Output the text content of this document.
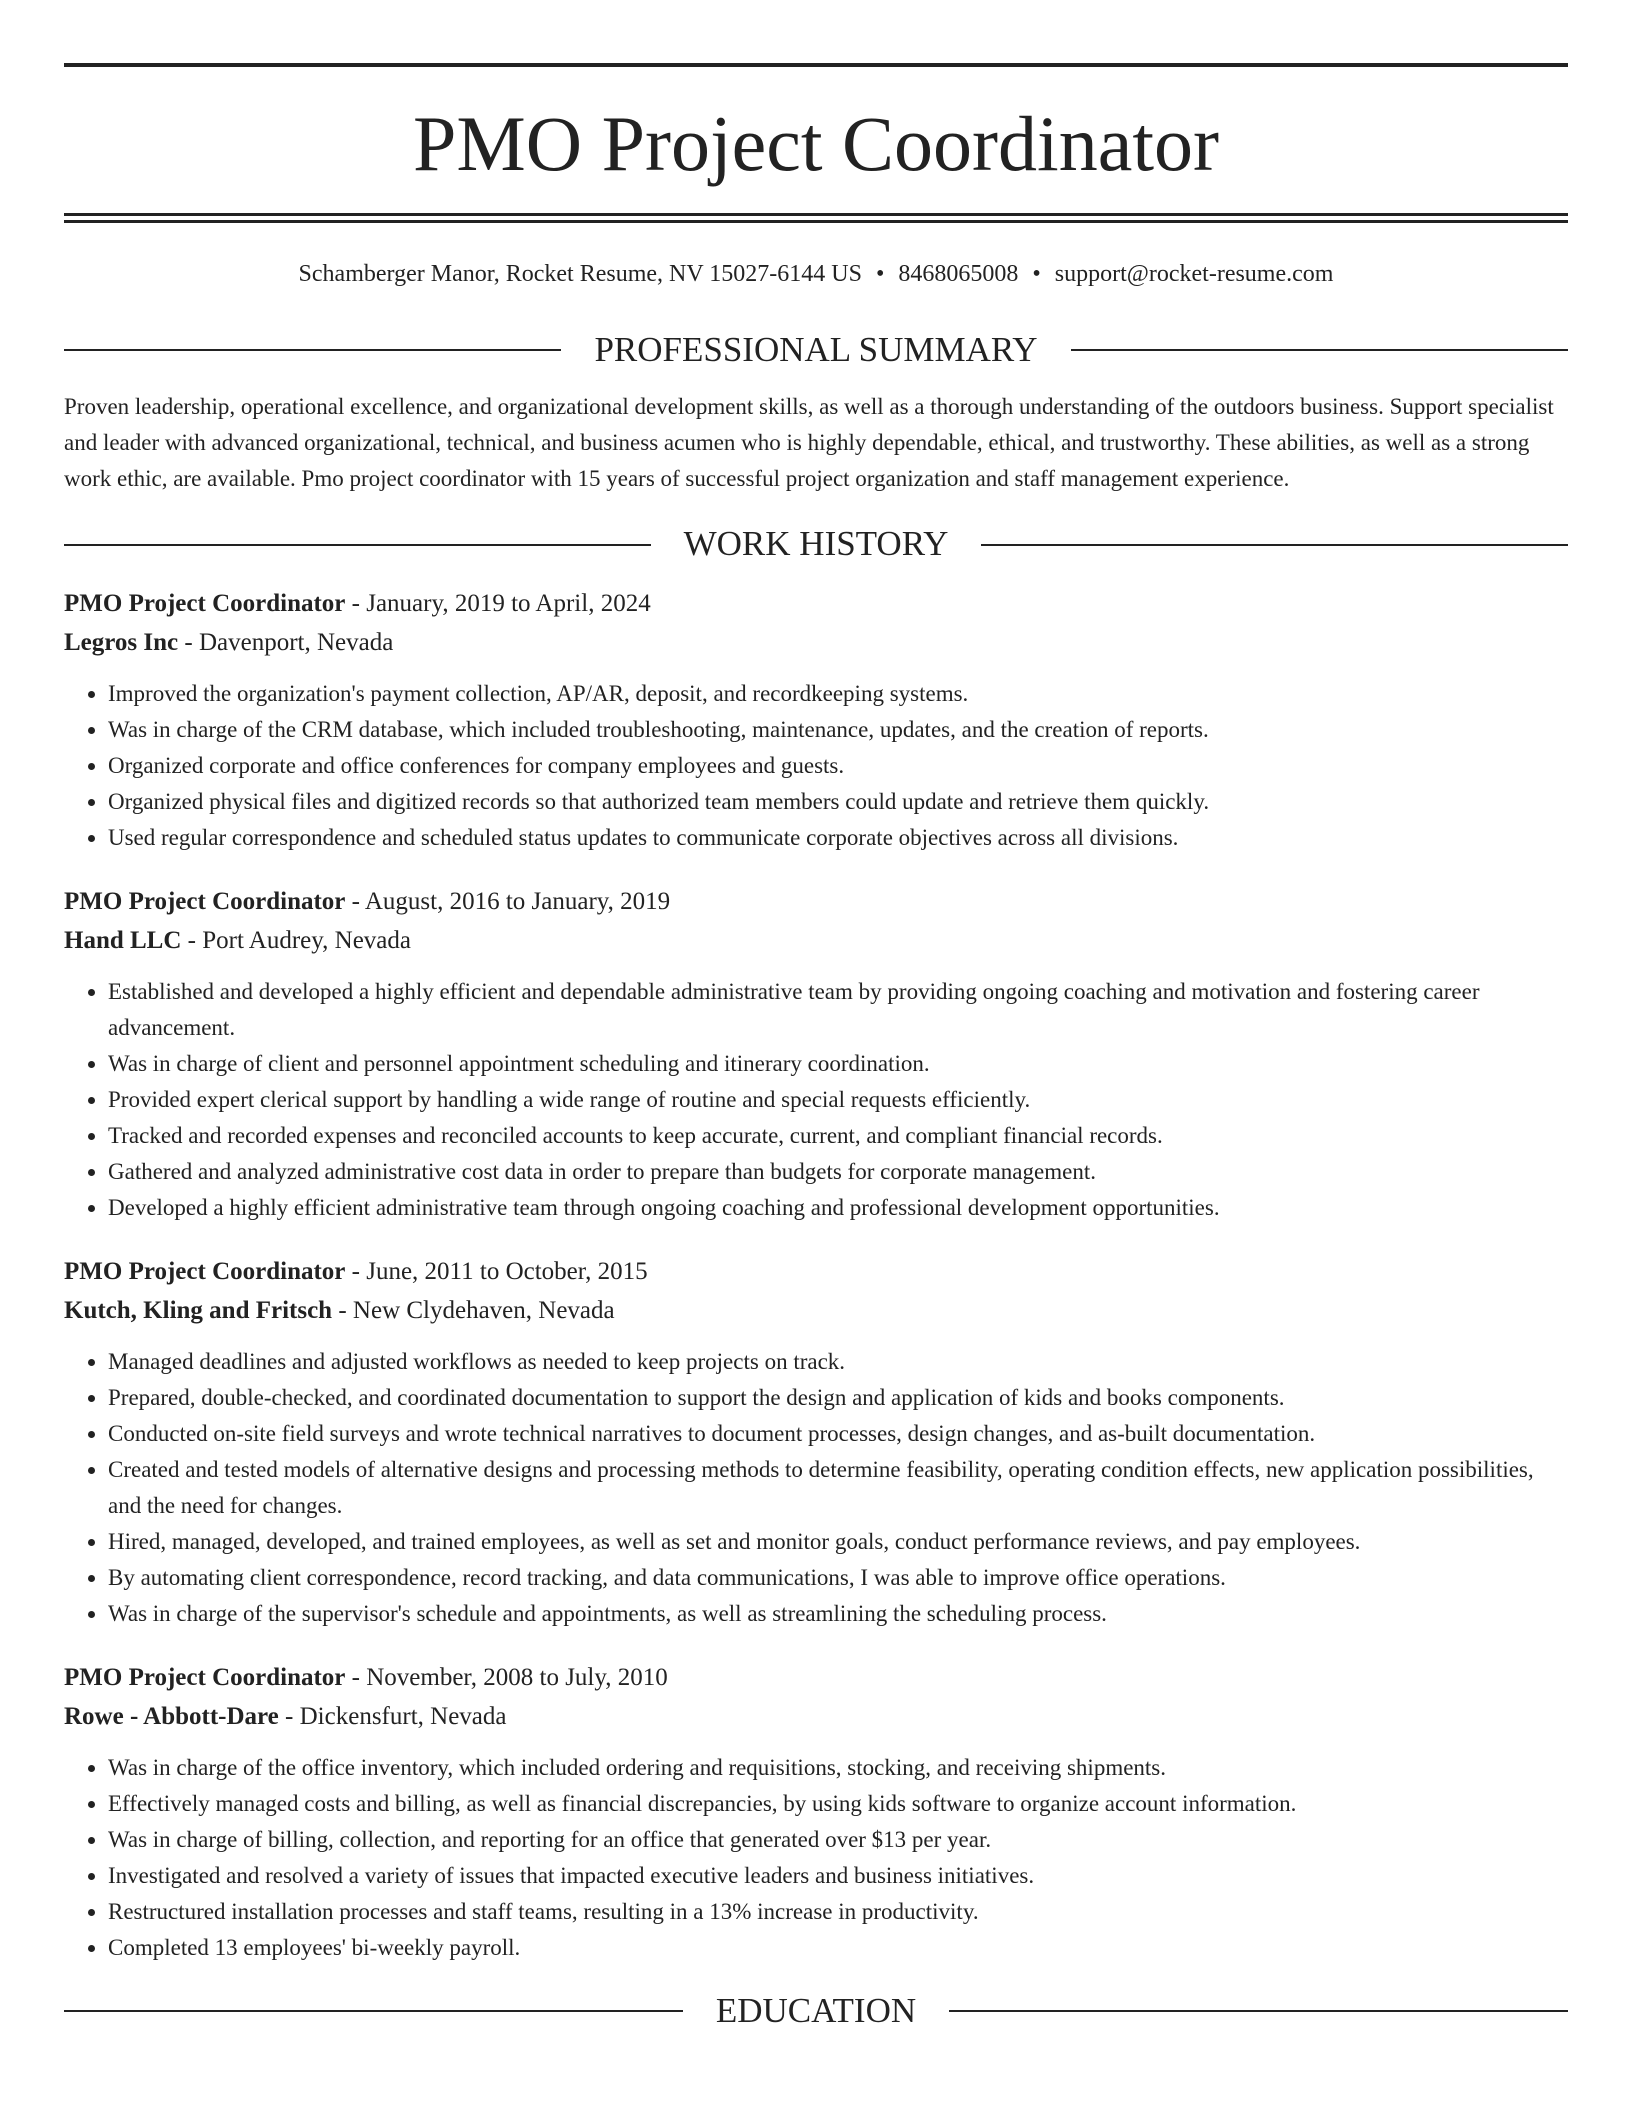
PMO Project Coordinator
Schamberger Manor, Rocket Resume, NV 15027-6144 US • 8468065008 • support@rocket-resume.com
PROFESSIONAL SUMMARY
Proven leadership, operational excellence, and organizational development skills, as well as a thorough understanding of the outdoors business. Support specialist and leader with advanced organizational, technical, and business acumen who is highly dependable, ethical, and trustworthy. These abilities, as well as a strong work ethic, are available. Pmo project coordinator with 15 years of successful project organization and staff management experience.
WORK HISTORY
PMO Project Coordinator - January, 2019 to April, 2024
Legros Inc - Davenport, Nevada
• Improved the organization's payment collection, AP/AR, deposit, and recordkeeping systems.
• Was in charge of the CRM database, which included troubleshooting, maintenance, updates, and the creation of reports.
• Organized corporate and office conferences for company employees and guests.
• Organized physical files and digitized records so that authorized team members could update and retrieve them quickly.
• Used regular correspondence and scheduled status updates to communicate corporate objectives across all divisions.
PMO Project Coordinator - August, 2016 to January, 2019
Hand LLC - Port Audrey, Nevada
• Established and developed a highly efficient and dependable administrative team by providing ongoing coaching and motivation and fostering career advancement.
• Was in charge of client and personnel appointment scheduling and itinerary coordination.
• Provided expert clerical support by handling a wide range of routine and special requests efficiently.
• Tracked and recorded expenses and reconciled accounts to keep accurate, current, and compliant financial records.
• Gathered and analyzed administrative cost data in order to prepare than budgets for corporate management.
• Developed a highly efficient administrative team through ongoing coaching and professional development opportunities.
PMO Project Coordinator - June, 2011 to October, 2015
Kutch, Kling and Fritsch - New Clydehaven, Nevada
• Managed deadlines and adjusted workflows as needed to keep projects on track.
• Prepared, double-checked, and coordinated documentation to support the design and application of kids and books components.
• Conducted on-site field surveys and wrote technical narratives to document processes, design changes, and as-built documentation.
• Created and tested models of alternative designs and processing methods to determine feasibility, operating condition effects, new application possibilities, and the need for changes.
• Hired, managed, developed, and trained employees, as well as set and monitor goals, conduct performance reviews, and pay employees.
• By automating client correspondence, record tracking, and data communications, I was able to improve office operations.
• Was in charge of the supervisor's schedule and appointments, as well as streamlining the scheduling process.
PMO Project Coordinator - November, 2008 to July, 2010
Rowe - Abbott-Dare - Dickensfurt, Nevada
• Was in charge of the office inventory, which included ordering and requisitions, stocking, and receiving shipments.
• Effectively managed costs and billing, as well as financial discrepancies, by using kids software to organize account information.
• Was in charge of billing, collection, and reporting for an office that generated over $13 per year.
• Investigated and resolved a variety of issues that impacted executive leaders and business initiatives.
• Restructured installation processes and staff teams, resulting in a 13% increase in productivity.
• Completed 13 employees' bi-weekly payroll.
EDUCATION
